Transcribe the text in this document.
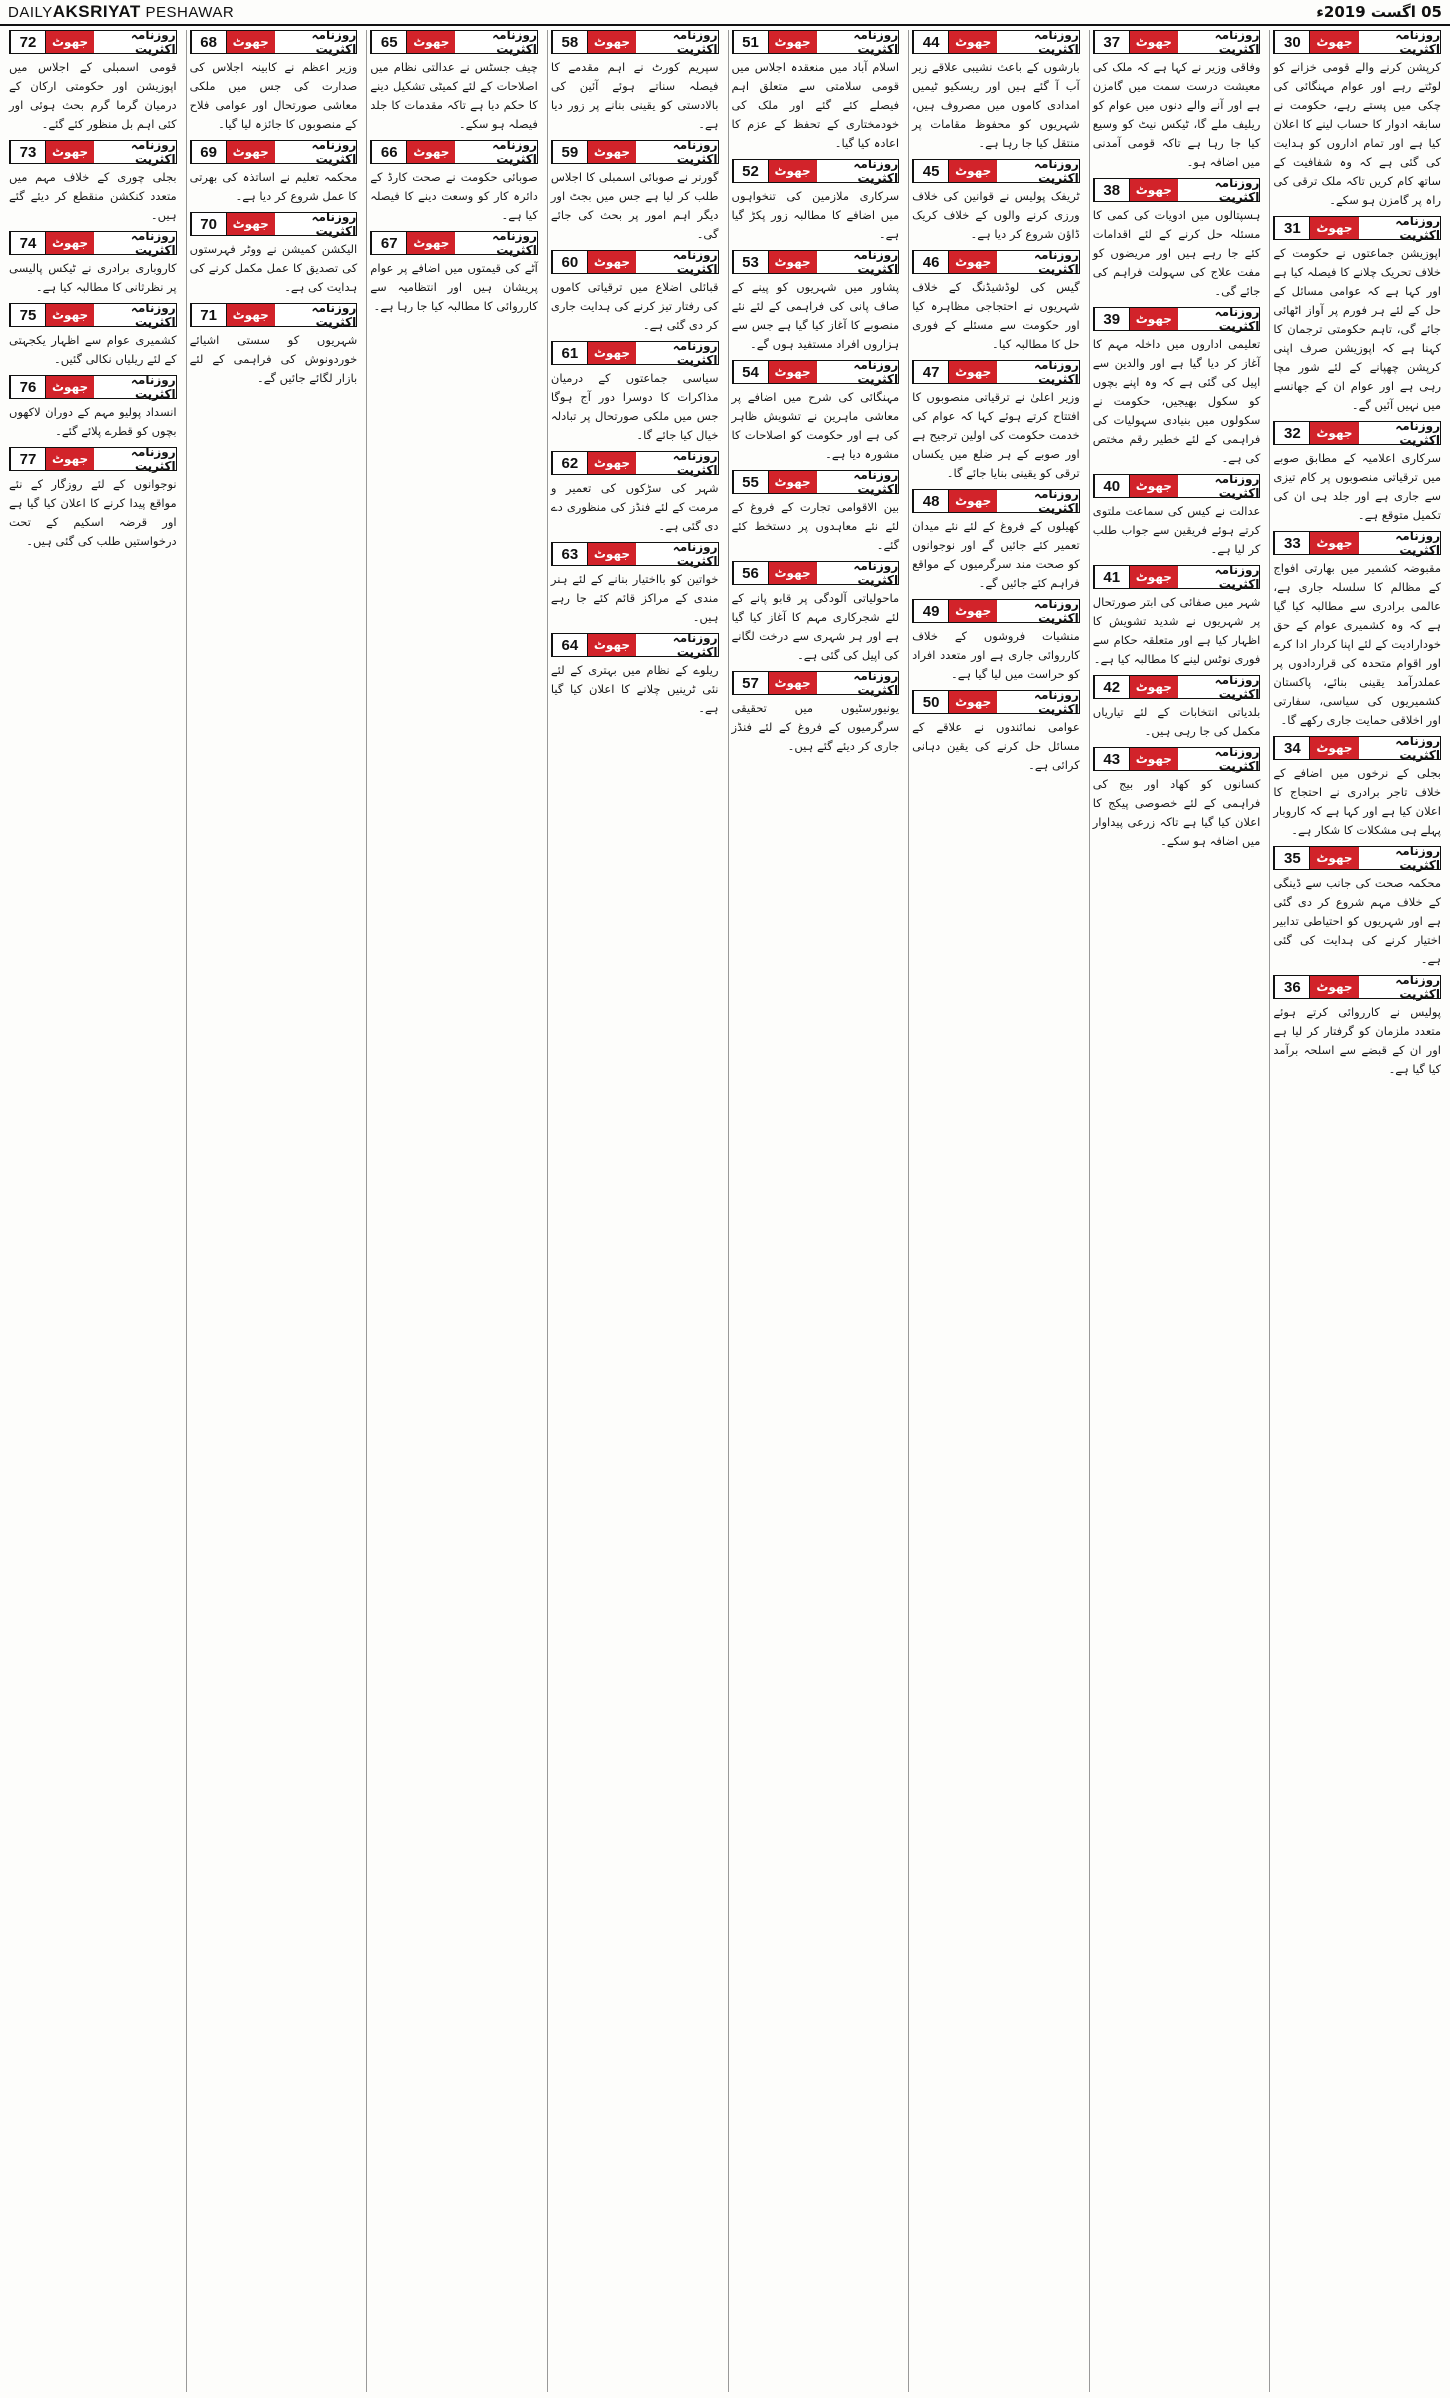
DAILYAKSRIYAT PESHAWAR	05 اگست 2019ء
30	جھوٹ	روزنامہ اکثریت

کرپشن کرنے والے قومی خزانے کو لوٹتے رہے اور عوام مہنگائی کی چکی میں پستے رہے، حکومت نے سابقہ ادوار کا حساب لینے کا اعلان کیا ہے اور تمام اداروں کو ہدایت کی گئی ہے کہ وہ شفافیت کے ساتھ کام کریں تاکہ ملک ترقی کی راہ پر گامزن ہو سکے۔

31	جھوٹ	روزنامہ اکثریت

اپوزیشن جماعتوں نے حکومت کے خلاف تحریک چلانے کا فیصلہ کیا ہے اور کہا ہے کہ عوامی مسائل کے حل کے لئے ہر فورم پر آواز اٹھائی جائے گی، تاہم حکومتی ترجمان کا کہنا ہے کہ اپوزیشن صرف اپنی کرپشن چھپانے کے لئے شور مچا رہی ہے اور عوام ان کے جھانسے میں نہیں آئیں گے۔

32	جھوٹ	روزنامہ اکثریت

سرکاری اعلامیہ کے مطابق صوبے میں ترقیاتی منصوبوں پر کام تیزی سے جاری ہے اور جلد ہی ان کی تکمیل متوقع ہے۔

33	جھوٹ	روزنامہ اکثریت

مقبوضہ کشمیر میں بھارتی افواج کے مظالم کا سلسلہ جاری ہے، عالمی برادری سے مطالبہ کیا گیا ہے کہ وہ کشمیری عوام کے حق خودارادیت کے لئے اپنا کردار ادا کرے اور اقوام متحدہ کی قراردادوں پر عملدرآمد یقینی بنائے، پاکستان کشمیریوں کی سیاسی، سفارتی اور اخلاقی حمایت جاری رکھے گا۔

34	جھوٹ	روزنامہ اکثریت

بجلی کے نرخوں میں اضافے کے خلاف تاجر برادری نے احتجاج کا اعلان کیا ہے اور کہا ہے کہ کاروبار پہلے ہی مشکلات کا شکار ہے۔

35	جھوٹ	روزنامہ اکثریت

محکمہ صحت کی جانب سے ڈینگی کے خلاف مہم شروع کر دی گئی ہے اور شہریوں کو احتیاطی تدابیر اختیار کرنے کی ہدایت کی گئی ہے۔

36	جھوٹ	روزنامہ اکثریت

پولیس نے کارروائی کرتے ہوئے متعدد ملزمان کو گرفتار کر لیا ہے اور ان کے قبضے سے اسلحہ برآمد کیا گیا ہے۔

37	جھوٹ	روزنامہ اکثریت

وفاقی وزیر نے کہا ہے کہ ملک کی معیشت درست سمت میں گامزن ہے اور آنے والے دنوں میں عوام کو ریلیف ملے گا، ٹیکس نیٹ کو وسیع کیا جا رہا ہے تاکہ قومی آمدنی میں اضافہ ہو۔

38	جھوٹ	روزنامہ اکثریت

ہسپتالوں میں ادویات کی کمی کا مسئلہ حل کرنے کے لئے اقدامات کئے جا رہے ہیں اور مریضوں کو مفت علاج کی سہولت فراہم کی جائے گی۔

39	جھوٹ	روزنامہ اکثریت

تعلیمی اداروں میں داخلہ مہم کا آغاز کر دیا گیا ہے اور والدین سے اپیل کی گئی ہے کہ وہ اپنے بچوں کو سکول بھیجیں، حکومت نے سکولوں میں بنیادی سہولیات کی فراہمی کے لئے خطیر رقم مختص کی ہے۔

40	جھوٹ	روزنامہ اکثریت

عدالت نے کیس کی سماعت ملتوی کرتے ہوئے فریقین سے جواب طلب کر لیا ہے۔

41	جھوٹ	روزنامہ اکثریت

شہر میں صفائی کی ابتر صورتحال پر شہریوں نے شدید تشویش کا اظہار کیا ہے اور متعلقہ حکام سے فوری نوٹس لینے کا مطالبہ کیا ہے۔

42	جھوٹ	روزنامہ اکثریت

بلدیاتی انتخابات کے لئے تیاریاں مکمل کی جا رہی ہیں۔

43	جھوٹ	روزنامہ اکثریت

کسانوں کو کھاد اور بیج کی فراہمی کے لئے خصوصی پیکج کا اعلان کیا گیا ہے تاکہ زرعی پیداوار میں اضافہ ہو سکے۔

44	جھوٹ	روزنامہ اکثریت

بارشوں کے باعث نشیبی علاقے زیر آب آ گئے ہیں اور ریسکیو ٹیمیں امدادی کاموں میں مصروف ہیں، شہریوں کو محفوظ مقامات پر منتقل کیا جا رہا ہے۔

45	جھوٹ	روزنامہ اکثریت

ٹریفک پولیس نے قوانین کی خلاف ورزی کرنے والوں کے خلاف کریک ڈاؤن شروع کر دیا ہے۔

46	جھوٹ	روزنامہ اکثریت

گیس کی لوڈشیڈنگ کے خلاف شہریوں نے احتجاجی مظاہرہ کیا اور حکومت سے مسئلے کے فوری حل کا مطالبہ کیا۔

47	جھوٹ	روزنامہ اکثریت

وزیر اعلیٰ نے ترقیاتی منصوبوں کا افتتاح کرتے ہوئے کہا کہ عوام کی خدمت حکومت کی اولین ترجیح ہے اور صوبے کے ہر ضلع میں یکساں ترقی کو یقینی بنایا جائے گا۔

48	جھوٹ	روزنامہ اکثریت

کھیلوں کے فروغ کے لئے نئے میدان تعمیر کئے جائیں گے اور نوجوانوں کو صحت مند سرگرمیوں کے مواقع فراہم کئے جائیں گے۔

49	جھوٹ	روزنامہ اکثریت

منشیات فروشوں کے خلاف کارروائی جاری ہے اور متعدد افراد کو حراست میں لیا گیا ہے۔

50	جھوٹ	روزنامہ اکثریت

عوامی نمائندوں نے علاقے کے مسائل حل کرنے کی یقین دہانی کرائی ہے۔

51	جھوٹ	روزنامہ اکثریت

اسلام آباد میں منعقدہ اجلاس میں قومی سلامتی سے متعلق اہم فیصلے کئے گئے اور ملک کی خودمختاری کے تحفظ کے عزم کا اعادہ کیا گیا۔

52	جھوٹ	روزنامہ اکثریت

سرکاری ملازمین کی تنخواہوں میں اضافے کا مطالبہ زور پکڑ گیا ہے۔

53	جھوٹ	روزنامہ اکثریت

پشاور میں شہریوں کو پینے کے صاف پانی کی فراہمی کے لئے نئے منصوبے کا آغاز کیا گیا ہے جس سے ہزاروں افراد مستفید ہوں گے۔

54	جھوٹ	روزنامہ اکثریت

مہنگائی کی شرح میں اضافے پر معاشی ماہرین نے تشویش ظاہر کی ہے اور حکومت کو اصلاحات کا مشورہ دیا ہے۔

55	جھوٹ	روزنامہ اکثریت

بین الاقوامی تجارت کے فروغ کے لئے نئے معاہدوں پر دستخط کئے گئے۔

56	جھوٹ	روزنامہ اکثریت

ماحولیاتی آلودگی پر قابو پانے کے لئے شجرکاری مہم کا آغاز کیا گیا ہے اور ہر شہری سے درخت لگانے کی اپیل کی گئی ہے۔

57	جھوٹ	روزنامہ اکثریت

یونیورسٹیوں میں تحقیقی سرگرمیوں کے فروغ کے لئے فنڈز جاری کر دیئے گئے ہیں۔

58	جھوٹ	روزنامہ اکثریت

سپریم کورٹ نے اہم مقدمے کا فیصلہ سناتے ہوئے آئین کی بالادستی کو یقینی بنانے پر زور دیا ہے۔

59	جھوٹ	روزنامہ اکثریت

گورنر نے صوبائی اسمبلی کا اجلاس طلب کر لیا ہے جس میں بجٹ اور دیگر اہم امور پر بحث کی جائے گی۔

60	جھوٹ	روزنامہ اکثریت

قبائلی اضلاع میں ترقیاتی کاموں کی رفتار تیز کرنے کی ہدایت جاری کر دی گئی ہے۔

61	جھوٹ	روزنامہ اکثریت

سیاسی جماعتوں کے درمیان مذاکرات کا دوسرا دور آج ہوگا جس میں ملکی صورتحال پر تبادلہ خیال کیا جائے گا۔

62	جھوٹ	روزنامہ اکثریت

شہر کی سڑکوں کی تعمیر و مرمت کے لئے فنڈز کی منظوری دے دی گئی ہے۔

63	جھوٹ	روزنامہ اکثریت

خواتین کو بااختیار بنانے کے لئے ہنر مندی کے مراکز قائم کئے جا رہے ہیں۔

64	جھوٹ	روزنامہ اکثریت

ریلوے کے نظام میں بہتری کے لئے نئی ٹرینیں چلانے کا اعلان کیا گیا ہے۔

65	جھوٹ	روزنامہ اکثریت

چیف جسٹس نے عدالتی نظام میں اصلاحات کے لئے کمیٹی تشکیل دینے کا حکم دیا ہے تاکہ مقدمات کا جلد فیصلہ ہو سکے۔

66	جھوٹ	روزنامہ اکثریت

صوبائی حکومت نے صحت کارڈ کے دائرہ کار کو وسعت دینے کا فیصلہ کیا ہے۔

67	جھوٹ	روزنامہ اکثریت

آٹے کی قیمتوں میں اضافے پر عوام پریشان ہیں اور انتظامیہ سے کارروائی کا مطالبہ کیا جا رہا ہے۔

68	جھوٹ	روزنامہ اکثریت

وزیر اعظم نے کابینہ اجلاس کی صدارت کی جس میں ملکی معاشی صورتحال اور عوامی فلاح کے منصوبوں کا جائزہ لیا گیا۔

69	جھوٹ	روزنامہ اکثریت

محکمہ تعلیم نے اساتذہ کی بھرتی کا عمل شروع کر دیا ہے۔

70	جھوٹ	روزنامہ اکثریت

الیکشن کمیشن نے ووٹر فہرستوں کی تصدیق کا عمل مکمل کرنے کی ہدایت کی ہے۔

71	جھوٹ	روزنامہ اکثریت

شہریوں کو سستی اشیائے خوردونوش کی فراہمی کے لئے بازار لگائے جائیں گے۔

72	جھوٹ	روزنامہ اکثریت

قومی اسمبلی کے اجلاس میں اپوزیشن اور حکومتی ارکان کے درمیان گرما گرم بحث ہوئی اور کئی اہم بل منظور کئے گئے۔

73	جھوٹ	روزنامہ اکثریت

بجلی چوری کے خلاف مہم میں متعدد کنکشن منقطع کر دیئے گئے ہیں۔

74	جھوٹ	روزنامہ اکثریت

کاروباری برادری نے ٹیکس پالیسی پر نظرثانی کا مطالبہ کیا ہے۔

75	جھوٹ	روزنامہ اکثریت

کشمیری عوام سے اظہار یکجہتی کے لئے ریلیاں نکالی گئیں۔

76	جھوٹ	روزنامہ اکثریت

انسداد پولیو مہم کے دوران لاکھوں بچوں کو قطرے پلائے گئے۔

77	جھوٹ	روزنامہ اکثریت

نوجوانوں کے لئے روزگار کے نئے مواقع پیدا کرنے کا اعلان کیا گیا ہے اور قرضہ اسکیم کے تحت درخواستیں طلب کی گئی ہیں۔
